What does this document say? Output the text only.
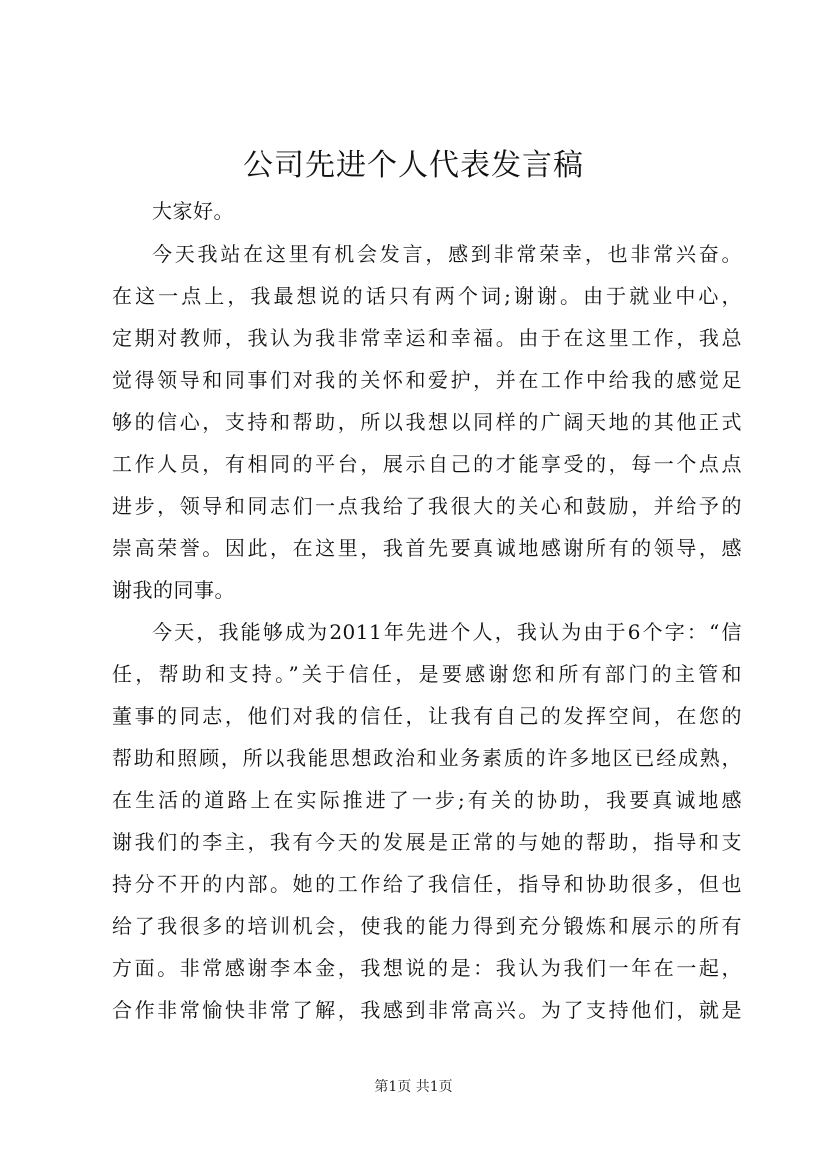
公司先进个人代表发言稿

大家好。

今天我站在这里有机会发言，感到非常荣幸，也非常兴奋。

在这一点上，我最想说的话只有两个词;谢谢。由于就业中心，

定期对教师，我认为我非常幸运和幸福。由于在这里工作，我总

觉得领导和同事们对我的关怀和爱护，并在工作中给我的感觉足

够的信心，支持和帮助，所以我想以同样的广阔天地的其他正式

工作人员，有相同的平台，展示自己的才能享受的，每一个点点

进步，领导和同志们一点我给了我很大的关心和鼓励，并给予的

崇高荣誉。因此，在这里，我首先要真诚地感谢所有的领导，感

谢我的同事。

今天，我能够成为2011年先进个人，我认为由于6个字：“信

任，帮助和支持。”关于信任，是要感谢您和所有部门的主管和

董事的同志，他们对我的信任，让我有自己的发挥空间，在您的

帮助和照顾，所以我能思想政治和业务素质的许多地区已经成熟，

在生活的道路上在实际推进了一步;有关的协助，我要真诚地感

谢我们的李主，我有今天的发展是正常的与她的帮助，指导和支

持分不开的内部。她的工作给了我信任，指导和协助很多，但也

给了我很多的培训机会，使我的能力得到充分锻炼和展示的所有

方面。非常感谢李本金，我想说的是：我认为我们一年在一起，

合作非常愉快非常了解，我感到非常高兴。为了支持他们，就是

第1页 共1页
